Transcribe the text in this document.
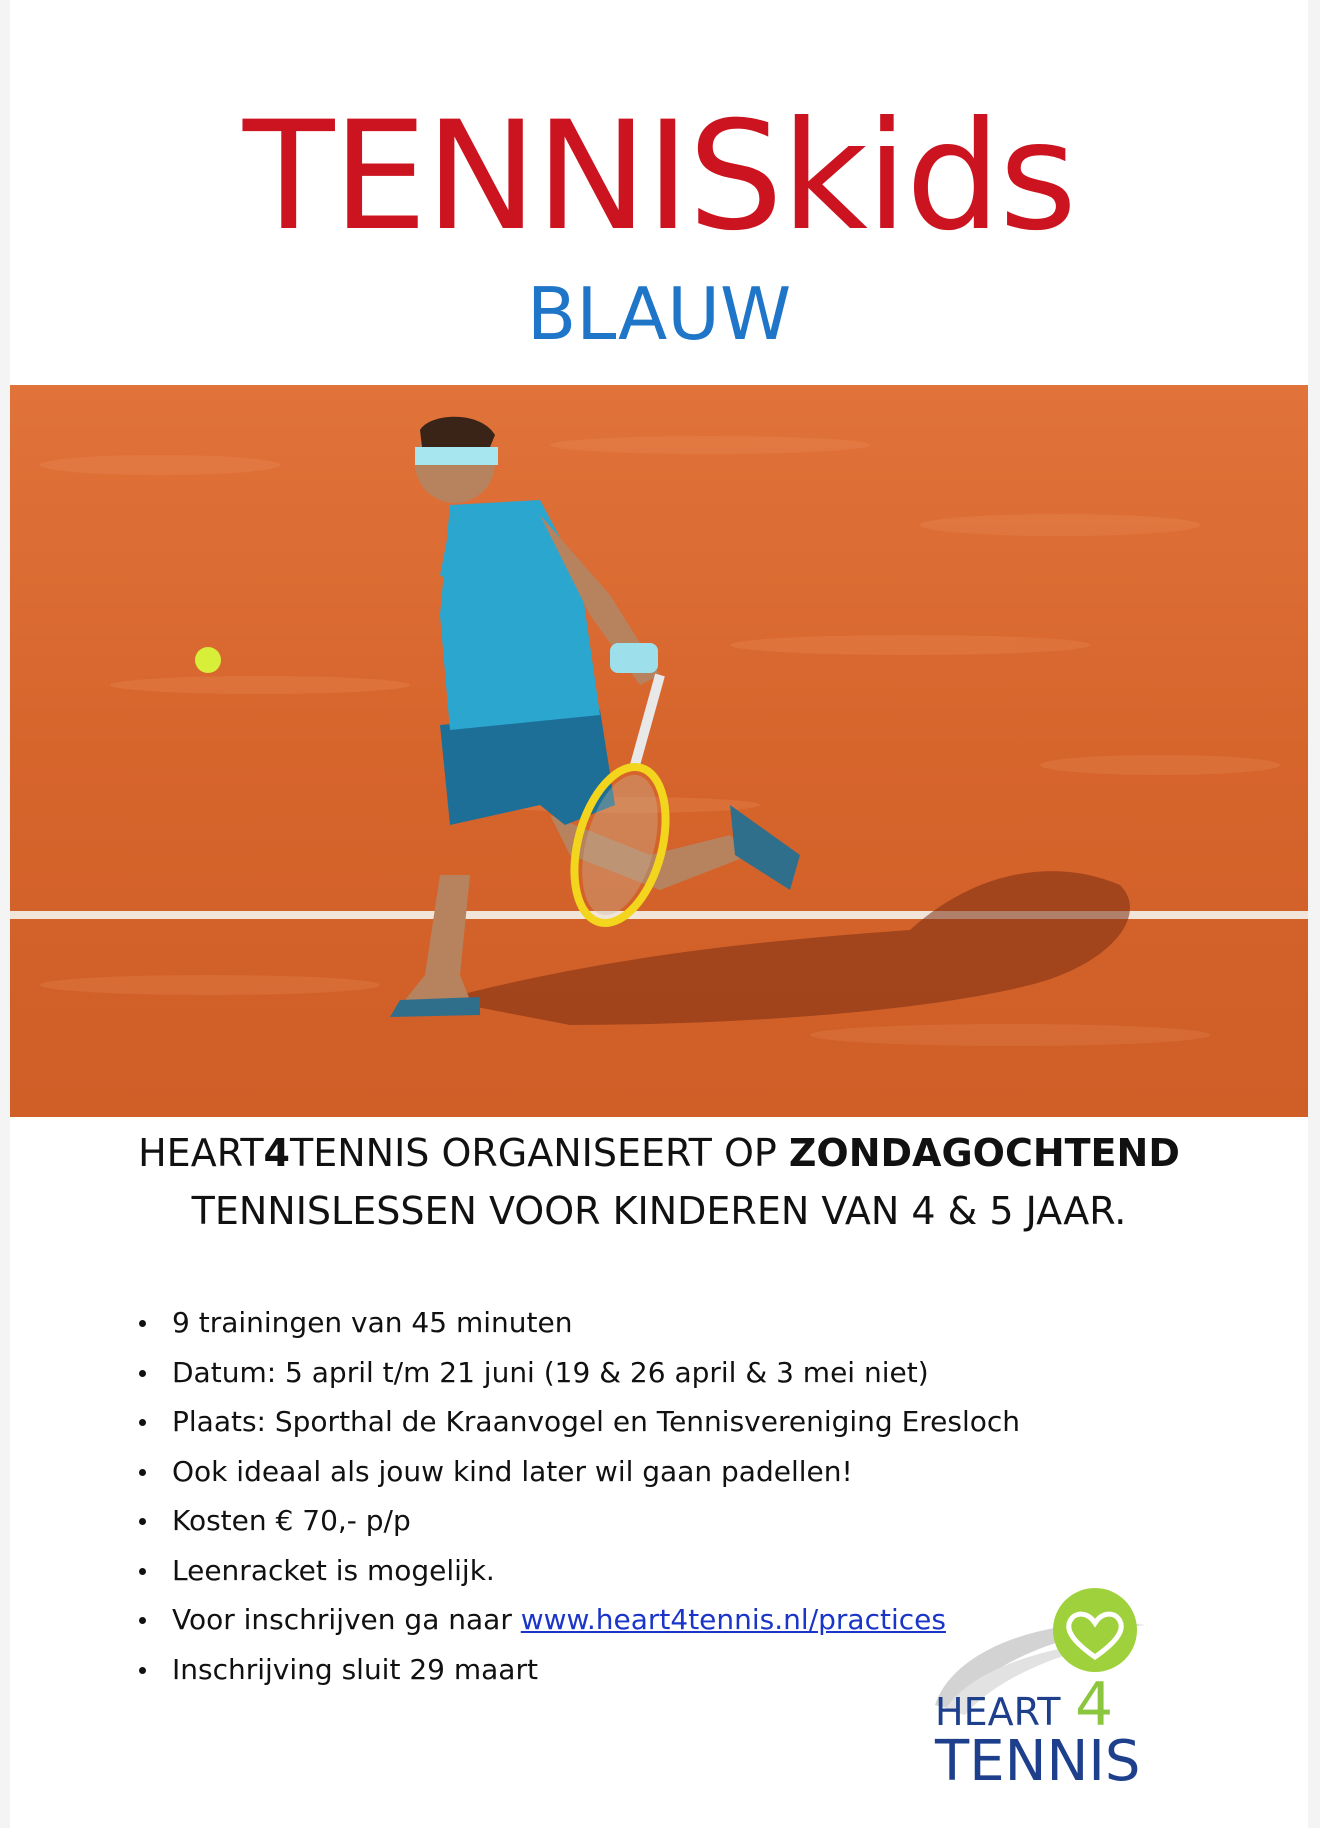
TENNISkids
BLAUW
HEART4TENNIS ORGANISEERT OP ZONDAGOCHTEND
TENNISLESSEN VOOR KINDEREN VAN 4 & 5 JAAR.
9 trainingen van 45 minuten
Datum: 5 april t/m 21 juni (19 & 26 april & 3 mei niet)
Plaats: Sporthal de Kraanvogel en Tennisvereniging Eresloch
Ook ideaal als jouw kind later wil gaan padellen!
Kosten € 70,- p/p
Leenracket is mogelijk.
Voor inschrijven ga naar www.heart4tennis.nl/practices
Inschrijving sluit 29 maart
HEART 4
TENNIS
